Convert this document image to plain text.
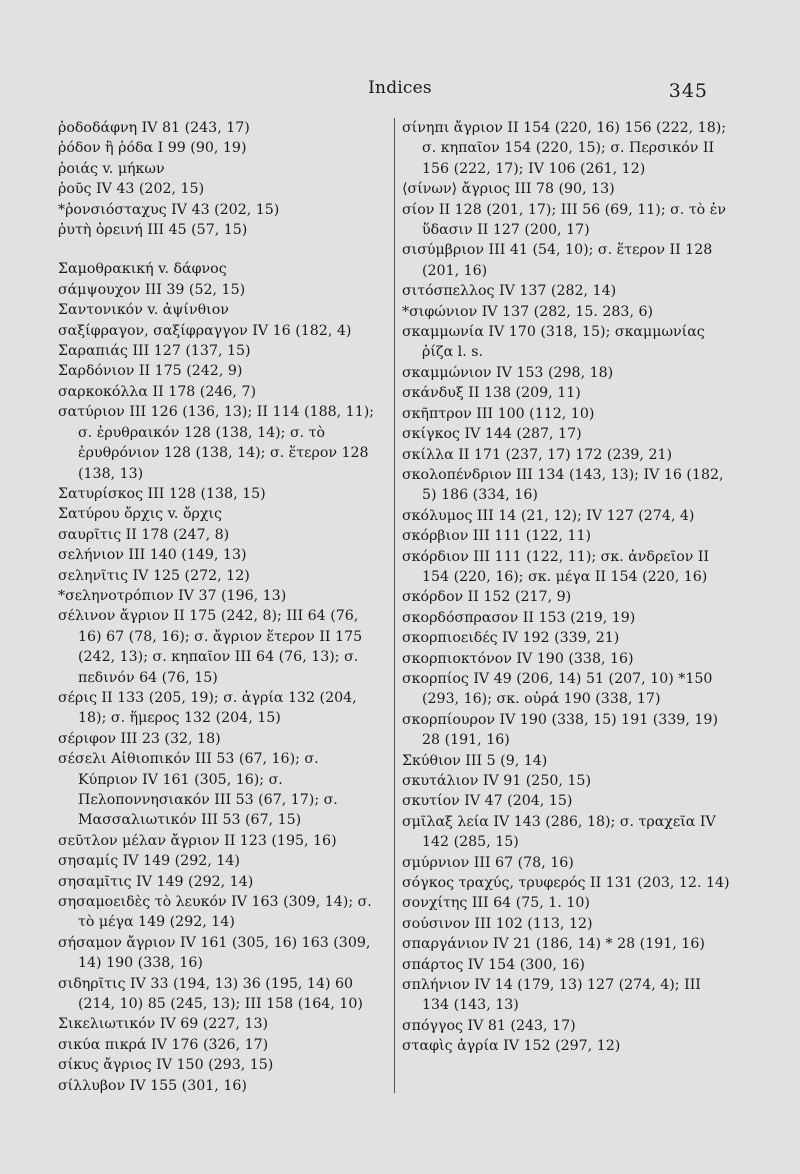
Indices	345
ῥοδοδάφνη IV 81 (243, 17)
ῥόδον ἢ ῥόδα I 99 (90, 19)
ῥοιάς v. μήκων
ῥοῦς IV 43 (202, 15)
*ῥονσιόσταχυς IV 43 (202, 15)
ῥυτὴ ὀρεινή III 45 (57, 15)
Σαμοθρακική v. δάφνος
σάμψουχον III 39 (52, 15)
Σαντονικόν v. ἀψίνθιον
σαξίφραγον, σαξίφραγγον IV 16 (182, 4)
Σαραπιάς III 127 (137, 15)
Σαρδόνιον II 175 (242, 9)
σαρκοκόλλα II 178 (246, 7)
σατύριον III 126 (136, 13); II 114 (188, 11); σ. ἐρυθραικόν 128 (138, 14); σ. τὸ ἐρυθρόνιον 128 (138, 14); σ. ἕτερον 128 (138, 13)
Σατυρίσκος III 128 (138, 15)
Σατύρου ὄρχις v. ὄρχις
σαυρῖτις II 178 (247, 8)
σελήνιον III 140 (149, 13)
σεληνῖτις IV 125 (272, 12)
*σεληνοτρόπιον IV 37 (196, 13)
σέλινον ἄγριον II 175 (242, 8); III 64 (76, 16) 67 (78, 16); σ. ἄγριον ἕτερον II 175 (242, 13); σ. κηπαῖον III 64 (76, 13); σ. πεδινόν 64 (76, 15)
σέρις II 133 (205, 19); σ. ἀγρία 132 (204, 18); σ. ἥμερος 132 (204, 15)
σέριφον III 23 (32, 18)
σέσελι Αἰθιοπικόν III 53 (67, 16); σ. Κύπριον IV 161 (305, 16); σ. Πελοποννησιακόν III 53 (67, 17); σ. Μασσαλιωτικόν III 53 (67, 15)
σεῦτλον μέλαν ἄγριον II 123 (195, 16)
σησαμίς IV 149 (292, 14)
σησαμῖτις IV 149 (292, 14)
σησαμοειδὲς τὸ λευκόν IV 163 (309, 14); σ. τὸ μέγα 149 (292, 14)
σήσαμον ἄγριον IV 161 (305, 16) 163 (309, 14) 190 (338, 16)
σιδηρῖτις IV 33 (194, 13) 36 (195, 14) 60 (214, 10) 85 (245, 13); III 158 (164, 10)
Σικελιωτικόν IV 69 (227, 13)
σικύα πικρά IV 176 (326, 17)
σίκυς ἄγριος IV 150 (293, 15)
σίλλυβον IV 155 (301, 16)
σίνηπι ἄγριον II 154 (220, 16) 156 (222, 18); σ. κηπαῖον 154 (220, 15); σ. Περσικόν II 156 (222, 17); IV 106 (261, 12)
⟨σίνων⟩ ἄγριος III 78 (90, 13)
σίον II 128 (201, 17); III 56 (69, 11); σ. τὸ ἐν ὕδασιν II 127 (200, 17)
σισύμβριον III 41 (54, 10); σ. ἕτερον II 128 (201, 16)
σιτόσπελλος IV 137 (282, 14)
*σιφώνιον IV 137 (282, 15. 283, 6)
σκαμμωνία IV 170 (318, 15); σκαμμωνίας ῥίζα l. s.
σκαμμώνιον IV 153 (298, 18)
σκάνδυξ II 138 (209, 11)
σκῆπτρον III 100 (112, 10)
σκίγκος IV 144 (287, 17)
σκίλλα II 171 (237, 17) 172 (239, 21)
σκολοπένδριον III 134 (143, 13); IV 16 (182, 5) 186 (334, 16)
σκόλυμος III 14 (21, 12); IV 127 (274, 4)
σκόρβιον III 111 (122, 11)
σκόρδιον III 111 (122, 11); σκ. ἀνδρεῖον II 154 (220, 16); σκ. μέγα II 154 (220, 16)
σκόρδον II 152 (217, 9)
σκορδόσπρασον II 153 (219, 19)
σκορπιοειδές IV 192 (339, 21)
σκορπιοκτόνον IV 190 (338, 16)
σκορπίος IV 49 (206, 14) 51 (207, 10) *150 (293, 16); σκ. οὐρά 190 (338, 17)
σκορπίουρον IV 190 (338, 15) 191 (339, 19) 28 (191, 16)
Σκύθιον III 5 (9, 14)
σκυτάλιον IV 91 (250, 15)
σκυτίον IV 47 (204, 15)
σμῖλαξ λεία IV 143 (286, 18); σ. τραχεῖα IV 142 (285, 15)
σμύρνιον III 67 (78, 16)
σόγκος τραχύς, τρυφερός II 131 (203, 12. 14)
σονχίτης III 64 (75, 1. 10)
σούσινον III 102 (113, 12)
σπαργάνιον IV 21 (186, 14) * 28 (191, 16)
σπάρτος IV 154 (300, 16)
σπλήνιον IV 14 (179, 13) 127 (274, 4); III 134 (143, 13)
σπόγγος IV 81 (243, 17)
σταφὶς ἀγρία IV 152 (297, 12)
